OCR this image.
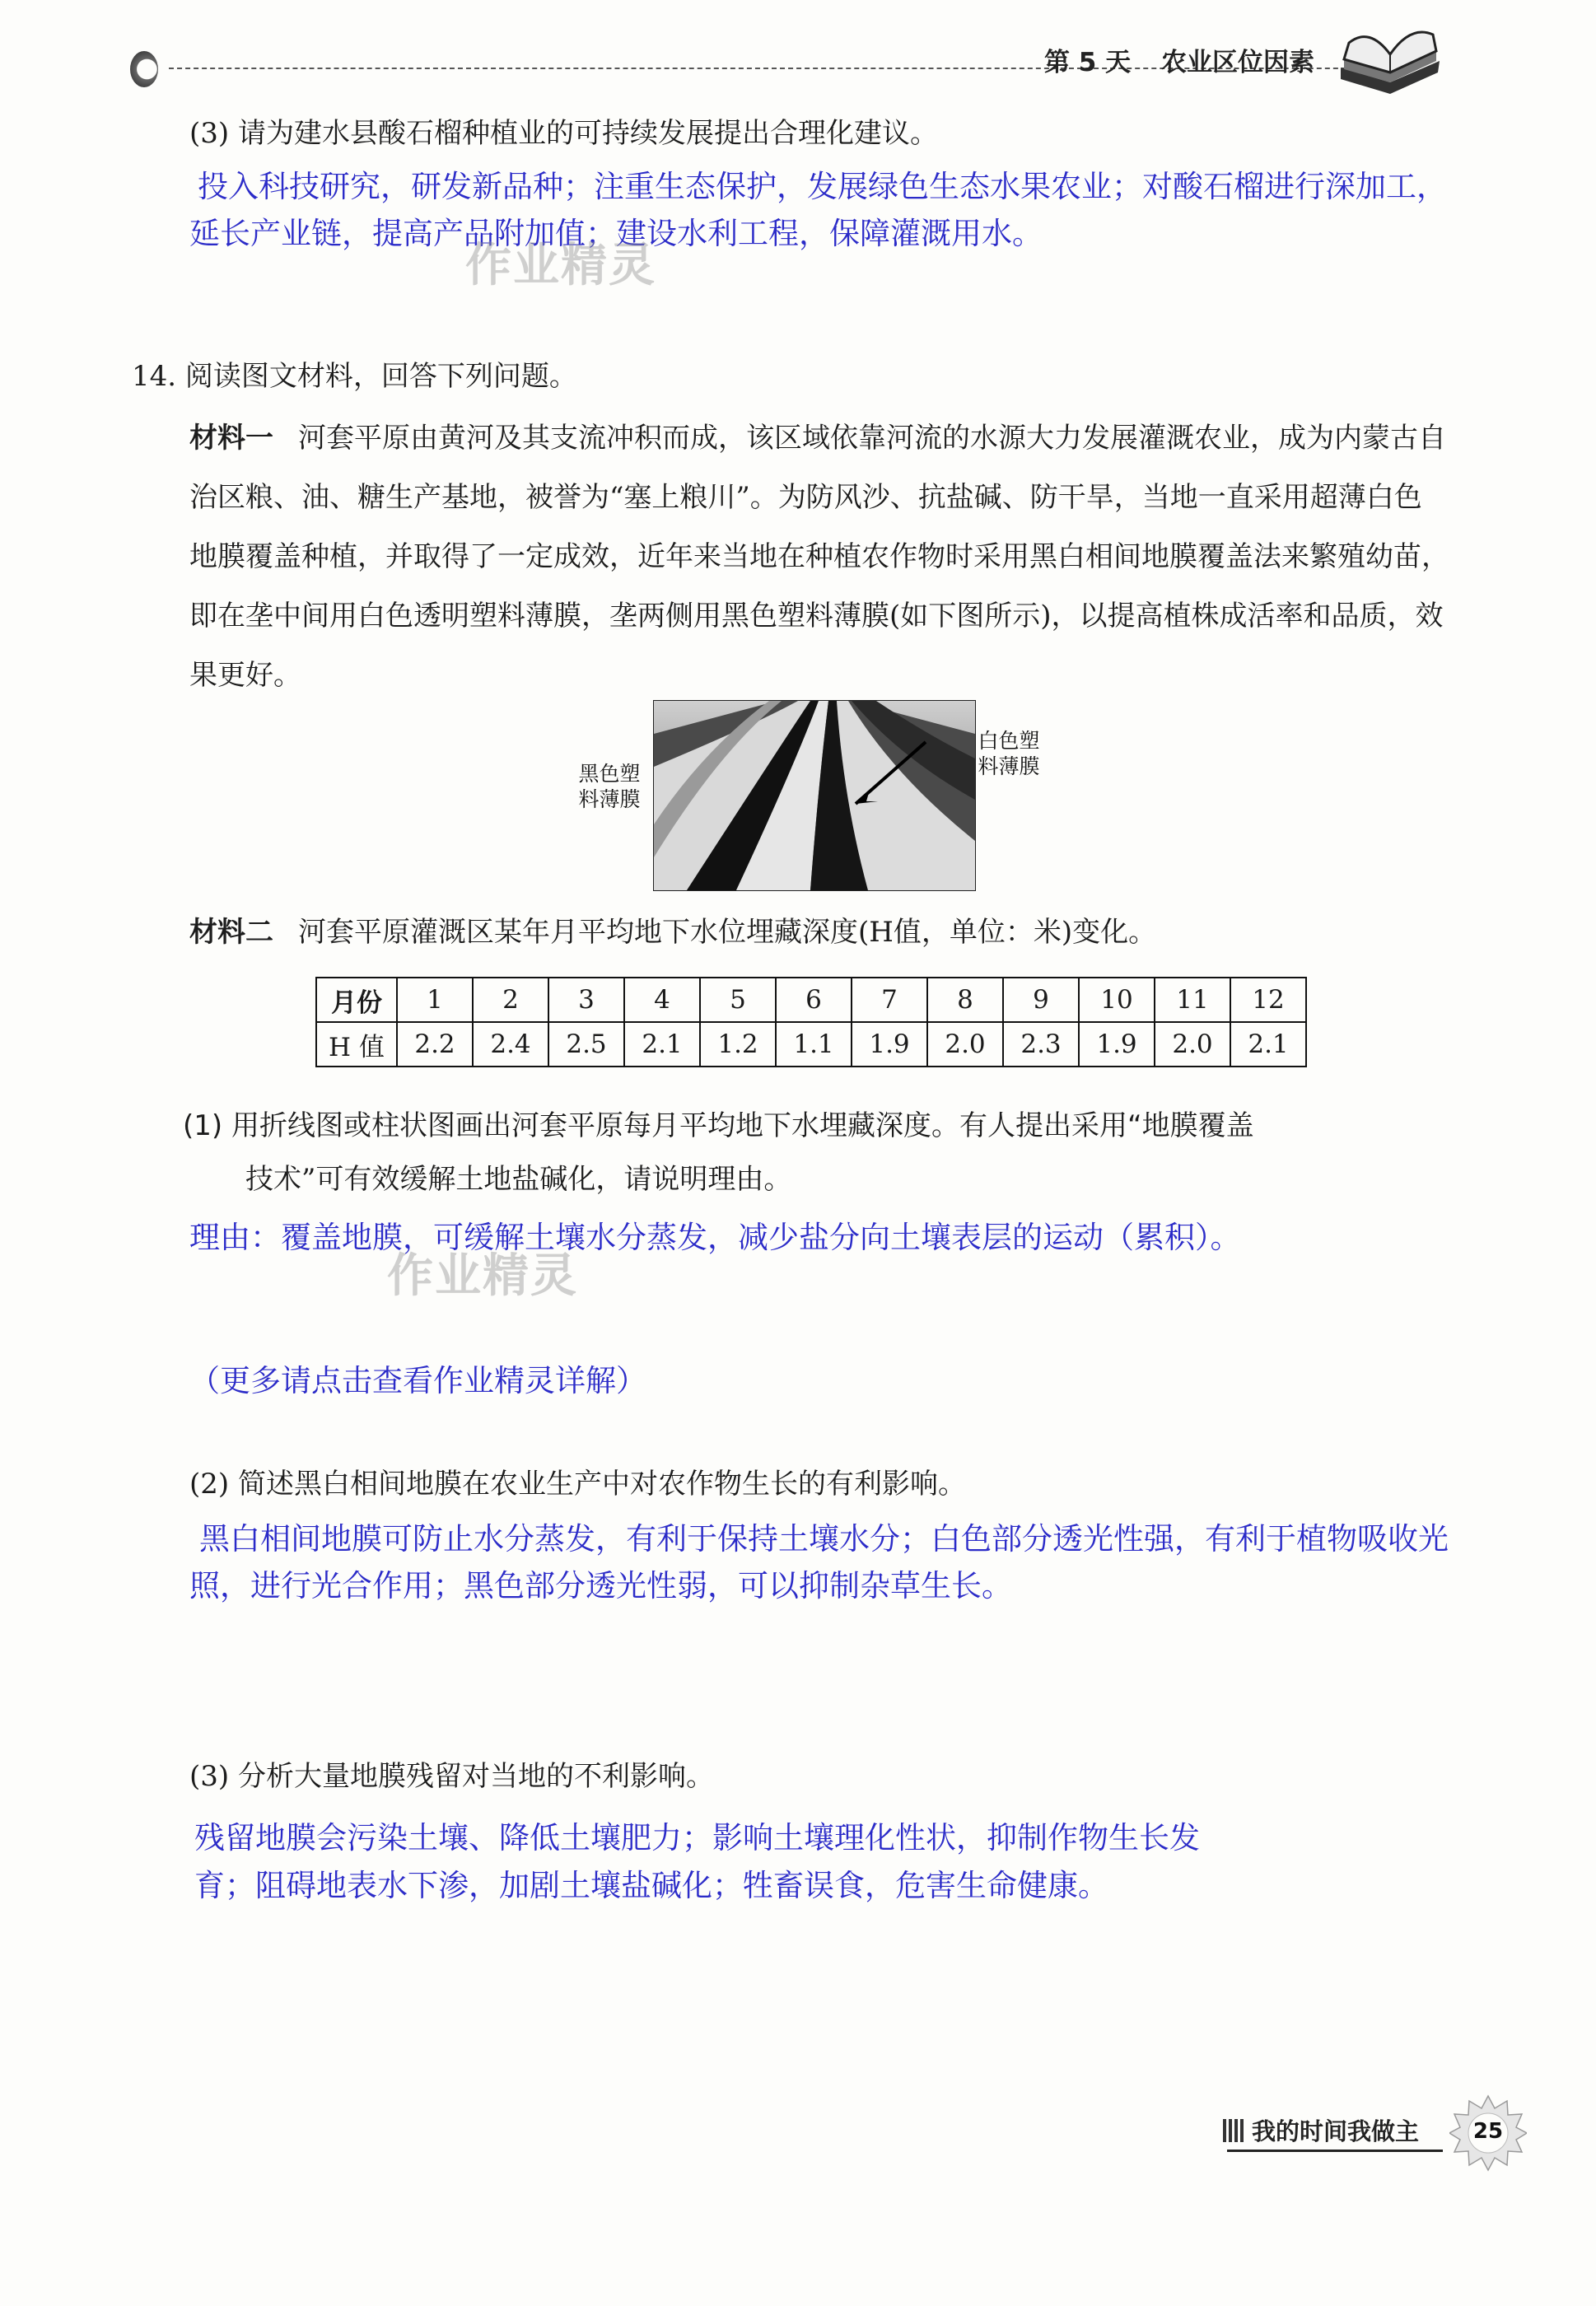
第 5 天 农业区位因素
(3) 请为建水县酸石榴种植业的可持续发展提出合理化建议。
投入科技研究，研发新品种；注重生态保护，发展绿色生态水果农业；对酸石榴进行深加工，延长产业链，提高产品附加值；建设水利工程，保障灌溉用水。
作业精灵
14. 阅读图文材料，回答下列问题。
材料一 河套平原由黄河及其支流冲积而成，该区域依靠河流的水源大力发展灌溉农业，成为内蒙古自治区粮、油、糖生产基地，被誉为“塞上粮川”。为防风沙、抗盐碱、防干旱，当地一直采用超薄白色地膜覆盖种植，并取得了一定成效，近年来当地在种植农作物时采用黑白相间地膜覆盖法来繁殖幼苗，即在垄中间用白色透明塑料薄膜，垄两侧用黑色塑料薄膜(如下图所示)，以提高植株成活率和品质，效果更好。
黑色塑料薄膜
白色塑料薄膜
材料二 河套平原灌溉区某年月平均地下水位埋藏深度(H值，单位：米)变化。
月份	1	2	3	4	5	6	7	8	9	10	11	12
H 值	2.2	2.4	2.5	2.1	1.2	1.1	1.9	2.0	2.3	1.9	2.0	2.1
(1) 用折线图或柱状图画出河套平原每月平均地下水埋藏深度。有人提出采用“地膜覆盖
技术”可有效缓解土地盐碱化，请说明理由。
理由：覆盖地膜，可缓解土壤水分蒸发，减少盐分向土壤表层的运动（累积）。
作业精灵
（更多请点击查看作业精灵详解）
(2) 简述黑白相间地膜在农业生产中对农作物生长的有利影响。
黑白相间地膜可防止水分蒸发，有利于保持土壤水分；白色部分透光性强，有利于植物吸收光照，进行光合作用；黑色部分透光性弱，可以抑制杂草生长。
(3) 分析大量地膜残留对当地的不利影响。
残留地膜会污染土壤、降低土壤肥力；影响土壤理化性状，抑制作物生长发育；阻碍地表水下渗，加剧土壤盐碱化；牲畜误食，危害生命健康。
我的时间我做主	25
